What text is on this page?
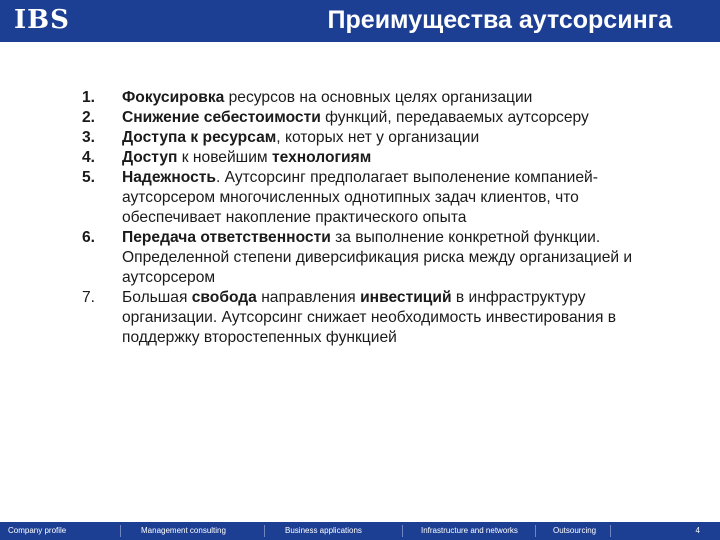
IBS	Преимущества аутсорсинга
1.	Фокусировка ресурсов на основных целях организации
2.	Снижение себестоимости функций, передаваемых аутсорсеру
3.	Доступа к ресурсам, которых нет у организации
4.	Доступ к новейшим технологиям
5.	Надежность. Аутсорсинг предполагает выполенение компанией-аутсорсером многочисленных однотипных задач клиентов, что обеспечивает накопление практического опыта
6.	Передача ответственности за выполнение конкретной функции. Определенной степени диверсификация риска между организацией и аутсорсером
7.	Большая свобода направления инвестиций в инфраструктуру организации. Аутсорсинг снижает необходимость инвестирования в поддержку второстепенных функцией
Company profile	Management consulting	Business applications	Infrastructure and networks	Outsourcing	4
